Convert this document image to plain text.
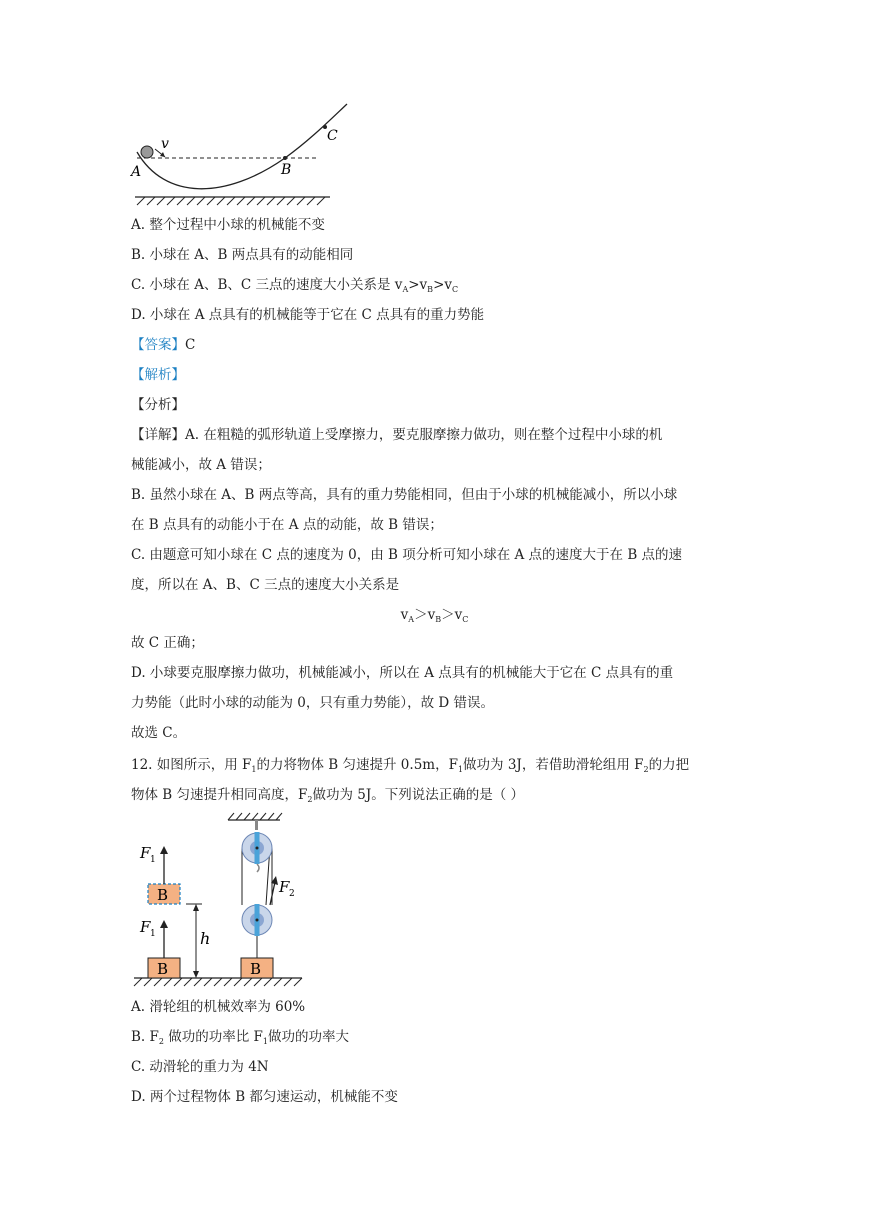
v
A	B
C
A. 整个过程中小球的机械能不变
B. 小球在 A、B 两点具有的动能相同
C. 小球在 A、B、C 三点的速度大小关系是 $v_A>v_B>v_C$
D. 小球在 A 点具有的机械能等于它在 C 点具有的重力势能
【答案】C
【解析】
【分析】
【详解】A. 在粗糙的弧形轨道上受摩擦力，要克服摩擦力做功，则在整个过程中小球的机
械能减小，故 A 错误；
B. 虽然小球在 A、B 两点等高，具有的重力势能相同，但由于小球的机械能减小，所以小球
在 B 点具有的动能小于在 A 点的动能，故 B 错误；
C. 由题意可知小球在 C 点的速度为 0，由 B 项分析可知小球在 A 点的速度大于在 B 点的速
度，所以在 A、B、C 三点的速度大小关系是
$v_A>v_B>v_C$
故 C 正确；
D. 小球要克服摩擦力做功，机械能减小，所以在 A 点具有的机械能大于它在 C 点具有的重
力势能（此时小球的动能为 0，只有重力势能），故 D 错误。
故选 C。
12. 如图所示，用 $F_1$的力将物体 B 匀速提升 0.5m，$F_1$做功为 3J，若借助滑轮组用 $F_2$的力把
物体 B 匀速提升相同高度，$F_2$做功为 5J。下列说法正确的是（ ）
B
F 1
B
F 1
h
F 2
B
A. 滑轮组的机械效率为 60%
B. $F_2$ 做功的功率比 $F_1$做功的功率大
C. 动滑轮的重力为 4N
D. 两个过程物体 B 都匀速运动，机械能不变
